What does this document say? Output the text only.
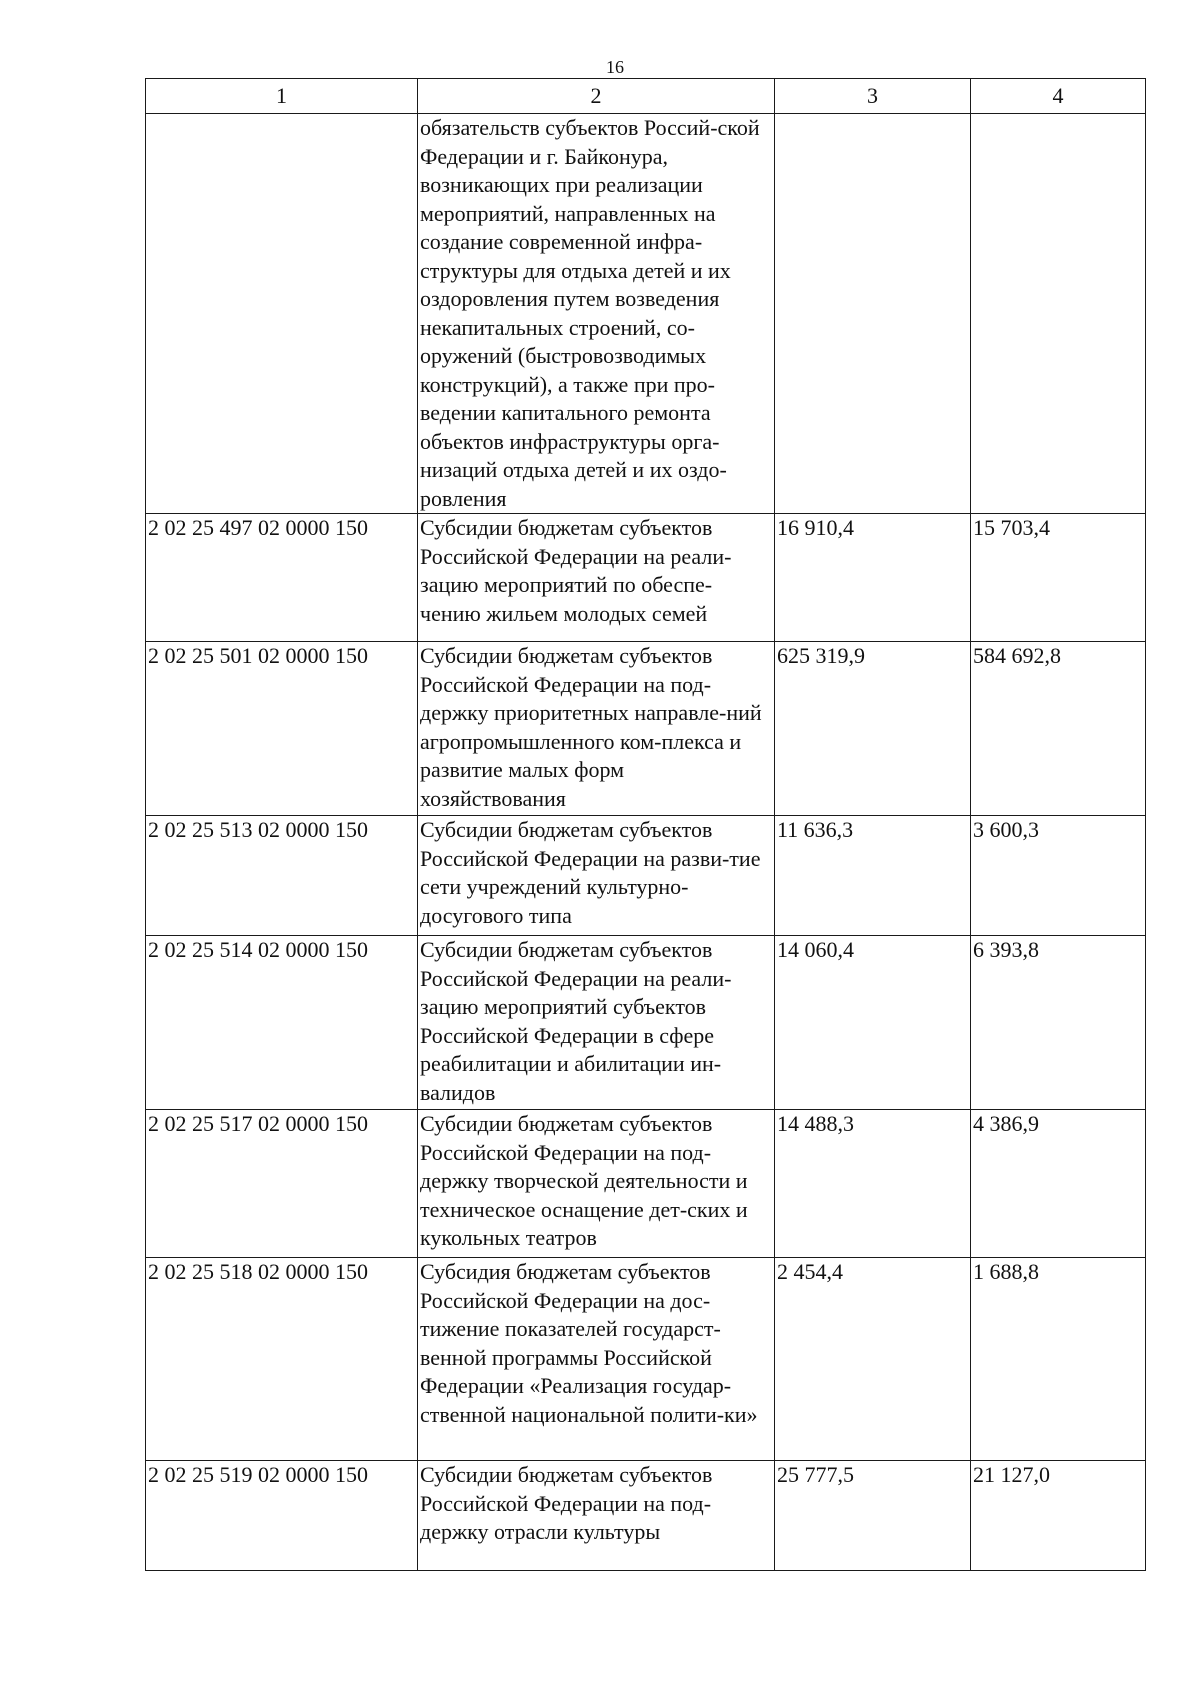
16
1	2	3	4
	обязательств субъектов Россий-ской Федерации и г. Байконура, возникающих при реализации мероприятий, направленных на создание современной инфра-структуры для отдыха детей и их оздоровления путем возведения некапитальных строений, со-оружений (быстровозводимых конструкций), а также при про-ведении капитального ремонта объектов инфраструктуры орга-низаций отдыха детей и их оздо-ровления		
2 02 25 497 02 0000 150	Субсидии бюджетам субъектов Российской Федерации на реали-зацию мероприятий по обеспе-чению жильем молодых семей	16 910,4	15 703,4
2 02 25 501 02 0000 150	Субсидии бюджетам субъектов Российской Федерации на под-держку приоритетных направле-ний агропромышленного ком-плекса и развитие малых форм хозяйствования	625 319,9	584 692,8
2 02 25 513 02 0000 150	Субсидии бюджетам субъектов Российской Федерации на разви-тие сети учреждений культурно-досугового типа	11 636,3	3 600,3
2 02 25 514 02 0000 150	Субсидии бюджетам субъектов Российской Федерации на реали-зацию мероприятий субъектов Российской Федерации в сфере реабилитации и абилитации ин-валидов	14 060,4	6 393,8
2 02 25 517 02 0000 150	Субсидии бюджетам субъектов Российской Федерации на под-держку творческой деятельности и техническое оснащение дет-ских и кукольных театров	14 488,3	4 386,9
2 02 25 518 02 0000 150	Субсидия бюджетам субъектов Российской Федерации на дос-тижение показателей государст-венной программы Российской Федерации «Реализация государ-ственной национальной полити-ки»	2 454,4	1 688,8
2 02 25 519 02 0000 150	Субсидии бюджетам субъектов Российской Федерации на под-держку отрасли культуры	25 777,5	21 127,0
